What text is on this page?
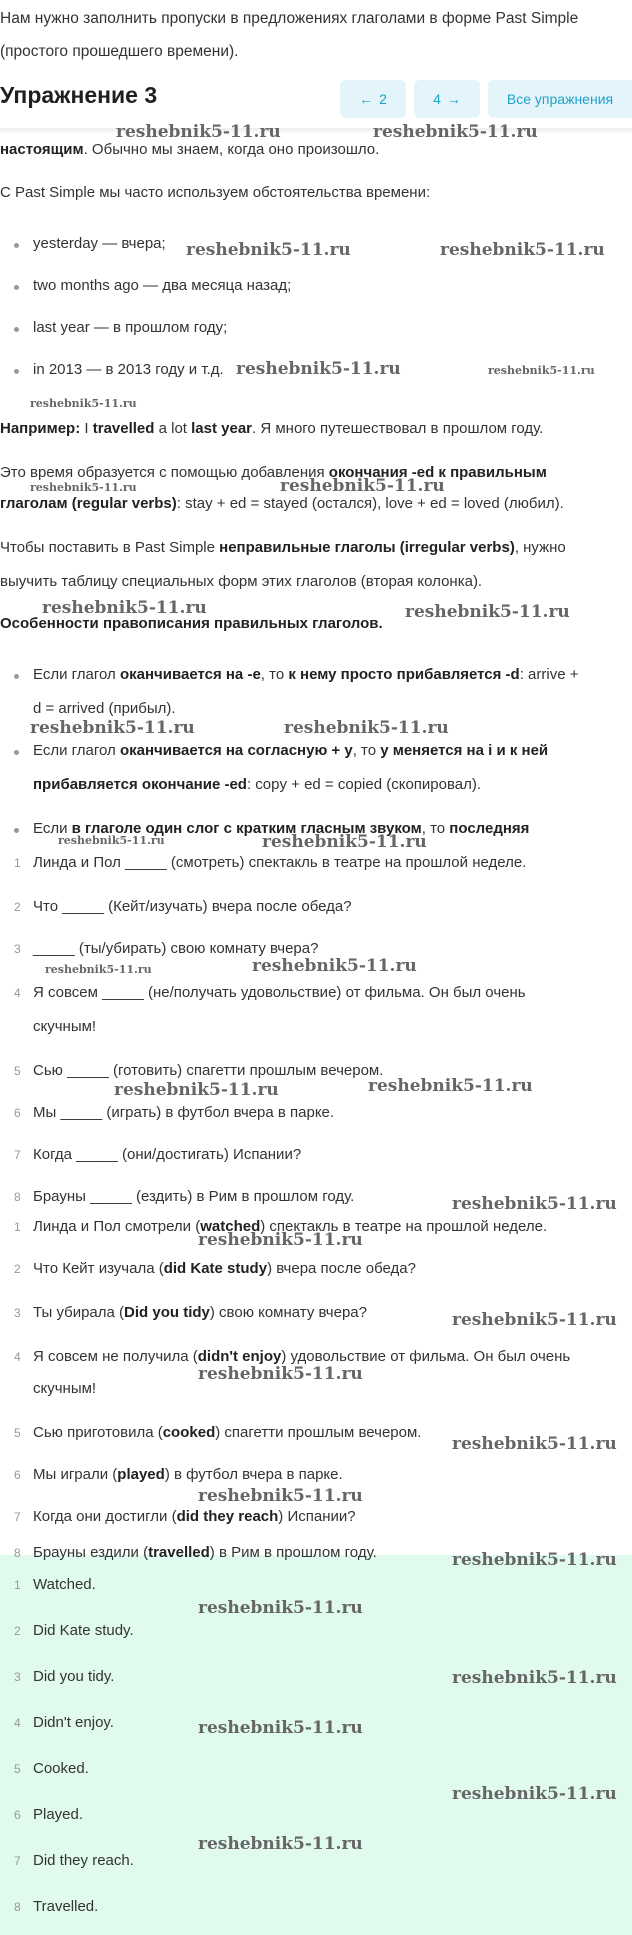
Нам нужно заполнить пропуски в предложениях глаголами в форме Past Simple (простого прошедшего времени).
Упражнение 3	← 2	4 →	Все упражнения
настоящим. Обычно мы знаем, когда оно произошло.
С Past Simple мы часто используем обстоятельства времени:
yesterday — вчера;
two months ago — два месяца назад;
last year — в прошлом году;
in 2013 — в 2013 году и т.д.
Например: I travelled a lot last year. Я много путешествовал в прошлом году.
Это время образуется с помощью добавления окончания -ed к правильным
глаголам (regular verbs): stay + ed = stayed (остался), love + ed = loved (любил).
Чтобы поставить в Past Simple неправильные глаголы (irregular verbs), нужно
выучить таблицу специальных форм этих глаголов (вторая колонка).
Особенности правописания правильных глаголов.
Если глагол оканчивается на -e, то к нему просто прибавляется -d: arrive +
d = arrived (прибыл).
Если глагол оканчивается на согласную + y, то y меняется на i и к ней
прибавляется окончание -ed: copy + ed = copied (скопировал).
Если в глаголе один слог с кратким гласным звуком, то последняя
1 Линда и Пол _____ (смотреть) спектакль в театре на прошлой неделе.
2 Что _____ (Кейт/изучать) вчера после обеда?
3 _____ (ты/убирать) свою комнату вчера?
4 Я совсем _____ (не/получать удовольствие) от фильма. Он был очень
скучным!
5 Сью _____ (готовить) спагетти прошлым вечером.
6 Мы _____ (играть) в футбол вчера в парке.
7 Когда _____ (они/достигать) Испании?
8 Брауны _____ (ездить) в Рим в прошлом году.
1 Линда и Пол смотрели (watched) спектакль в театре на прошлой неделе.
2 Что Кейт изучала (did Kate study) вчера после обеда?
3 Ты убирала (Did you tidy) свою комнату вчера?
4 Я совсем не получила (didn't enjoy) удовольствие от фильма. Он был очень
скучным!
5 Сью приготовила (cooked) спагетти прошлым вечером.
6 Мы играли (played) в футбол вчера в парке.
7 Когда они достигли (did they reach) Испании?
8 Брауны ездили (travelled) в Рим в прошлом году.
1 Watched.
2 Did Kate study.
3 Did you tidy.
4 Didn't enjoy.
5 Cooked.
6 Played.
7 Did they reach.
8 Travelled.
reshebnik5-11.ru	reshebnik5-11.ru
reshebnik5-11.ru	reshebnik5-11.ru
reshebnik5-11.ru	reshebnik5-11.ru
reshebnik5-11.ru
reshebnik5-11.ru	reshebnik5-11.ru
reshebnik5-11.ru	reshebnik5-11.ru
reshebnik5-11.ru	reshebnik5-11.ru
reshebnik5-11.ru	reshebnik5-11.ru
reshebnik5-11.ru	reshebnik5-11.ru
reshebnik5-11.ru	reshebnik5-11.ru
reshebnik5-11.ru
reshebnik5-11.ru
reshebnik5-11.ru
reshebnik5-11.ru
reshebnik5-11.ru
reshebnik5-11.ru
reshebnik5-11.ru
reshebnik5-11.ru
reshebnik5-11.ru
reshebnik5-11.ru
reshebnik5-11.ru
reshebnik5-11.ru
